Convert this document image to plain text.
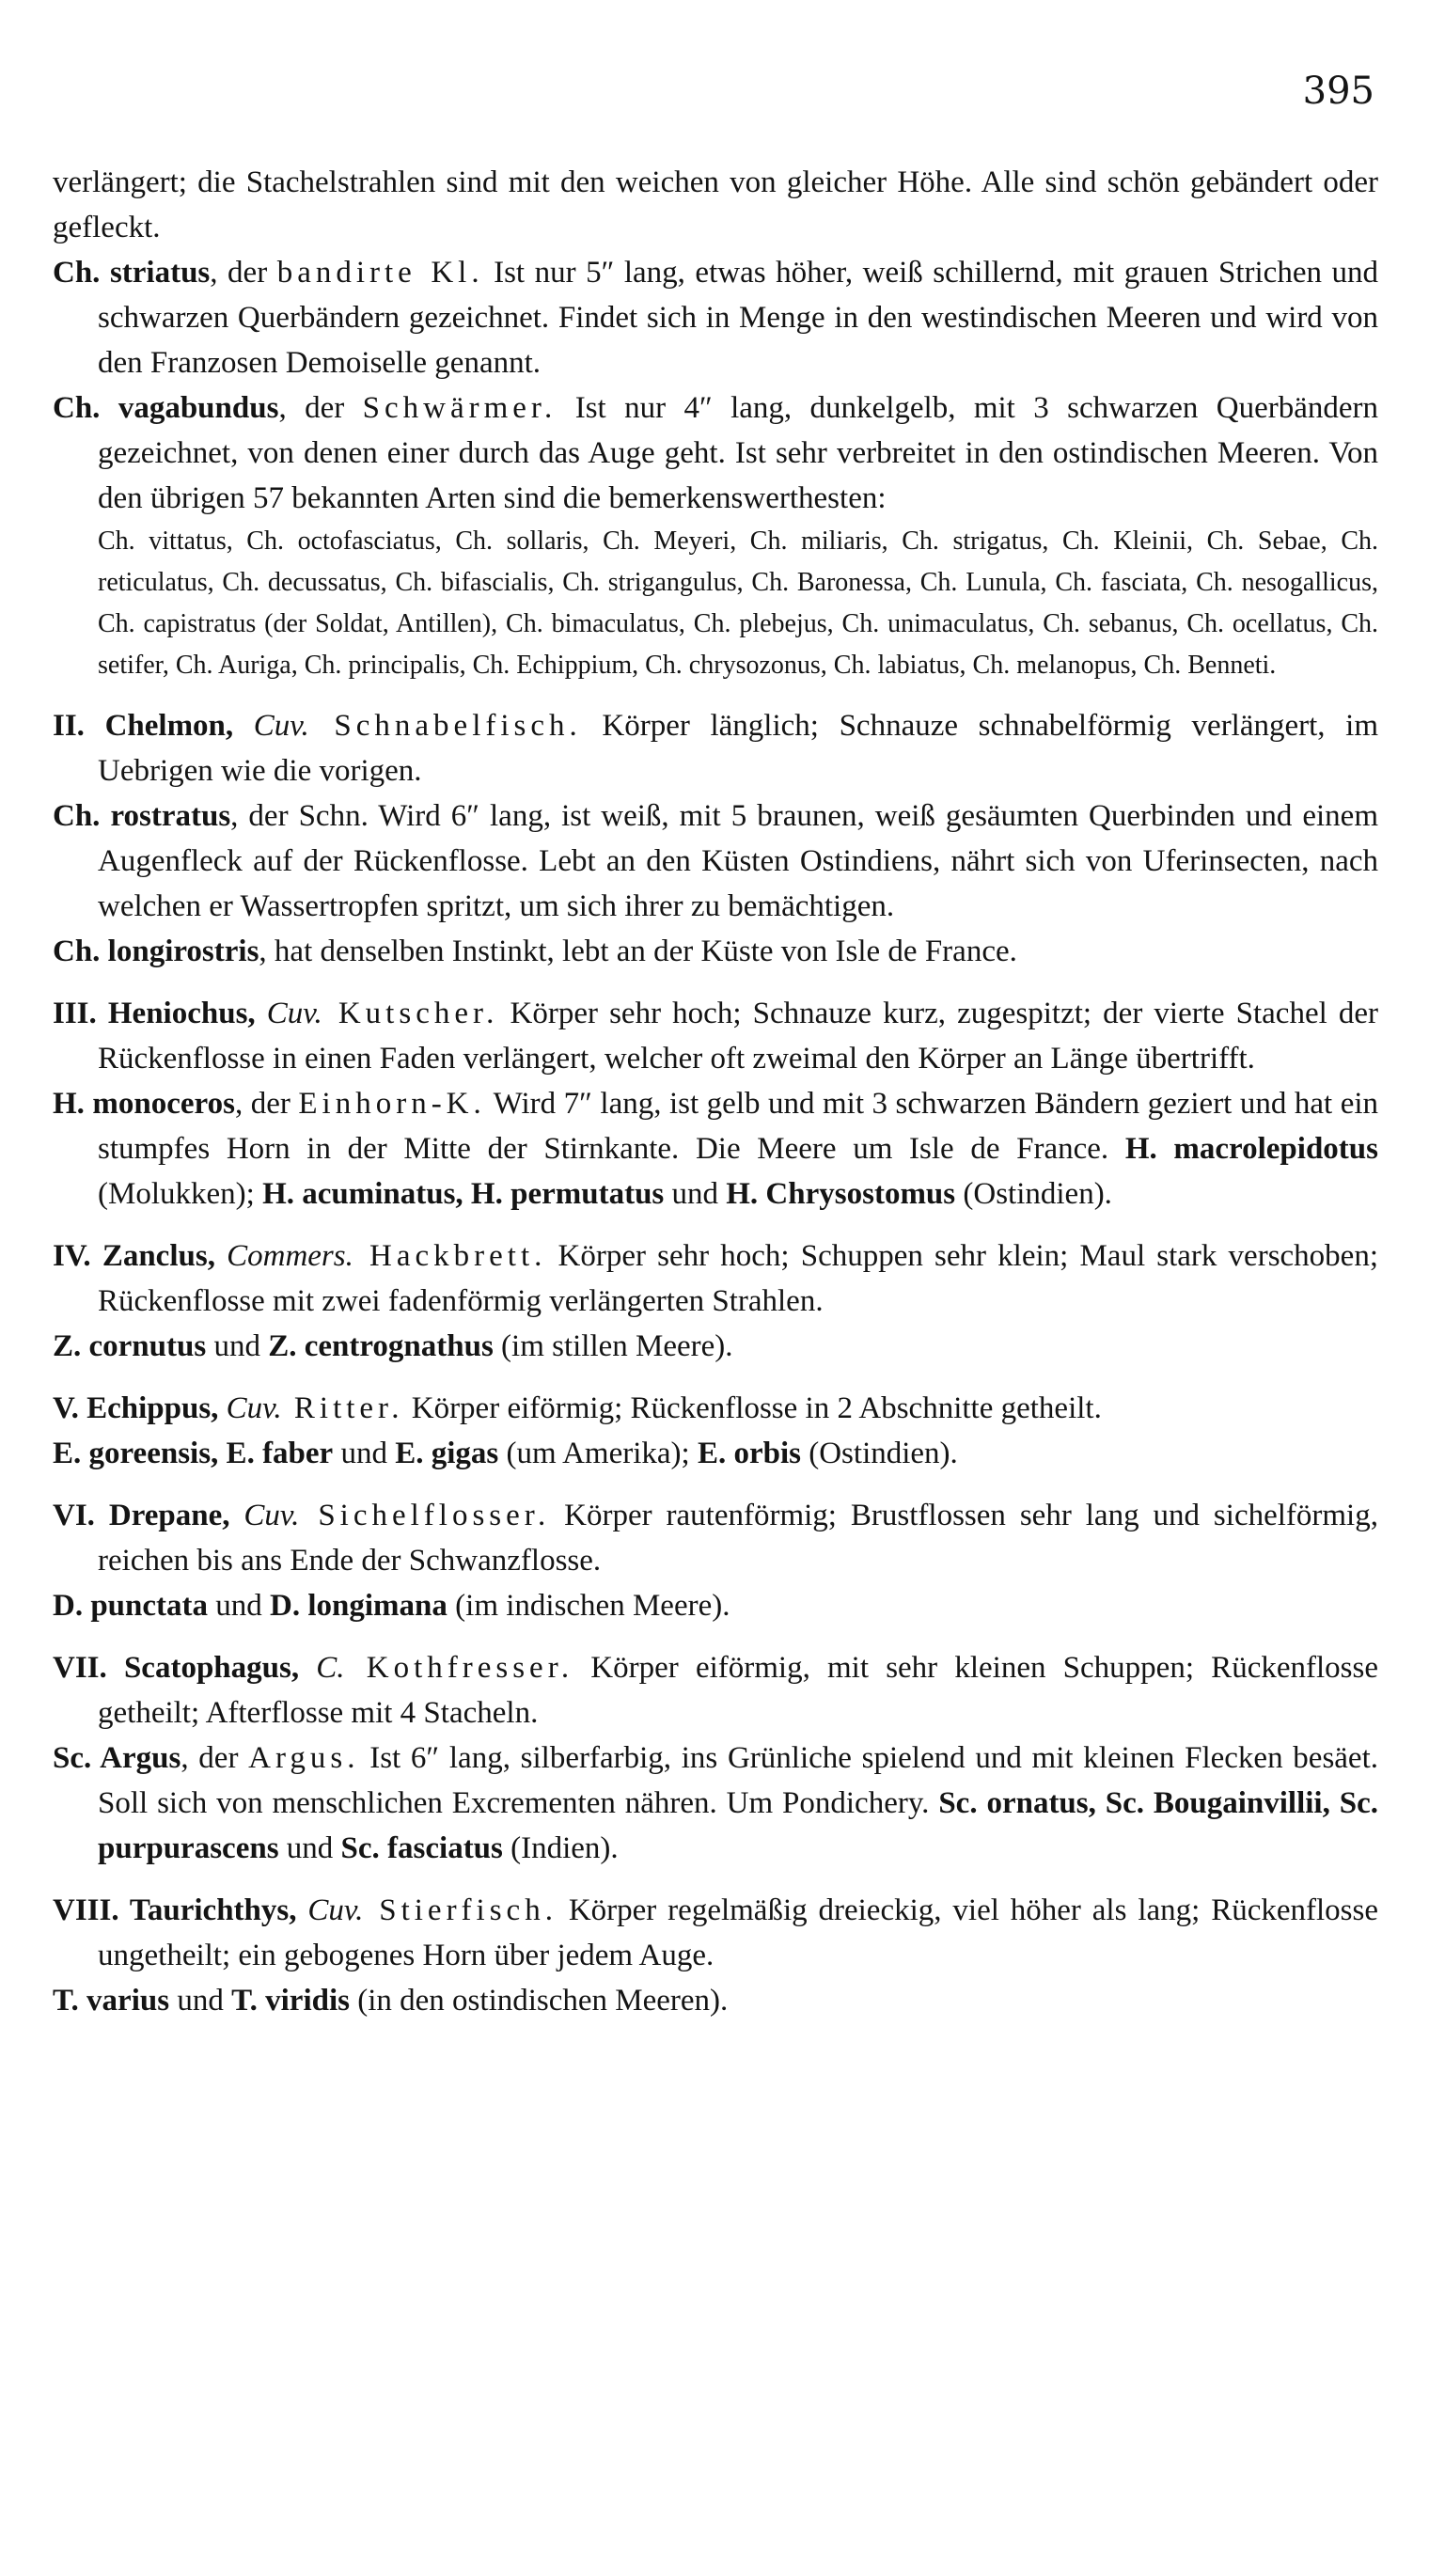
395

verlängert; die Stachelstrahlen sind mit den weichen von gleicher Höhe. Alle sind schön gebändert oder gefleckt.

Ch. striatus, der bandirte Kl. Ist nur 5″ lang, etwas höher, weiß schillernd, mit grauen Strichen und schwarzen Querbändern gezeichnet. Findet sich in Menge in den westindischen Meeren und wird von den Franzosen Demoiselle genannt.

Ch. vagabundus, der Schwärmer. Ist nur 4″ lang, dunkelgelb, mit 3 schwarzen Querbändern gezeichnet, von denen einer durch das Auge geht. Ist sehr verbreitet in den ostindischen Meeren. Von den übrigen 57 bekannten Arten sind die bemerkenswerthesten:

Ch. vittatus, Ch. octofasciatus, Ch. sollaris, Ch. Meyeri, Ch. miliaris, Ch. strigatus, Ch. Kleinii, Ch. Sebae, Ch. reticulatus, Ch. decussatus, Ch. bifascialis, Ch. strigangulus, Ch. Baronessa, Ch. Lunula, Ch. fasciata, Ch. nesogallicus, Ch. capistratus (der Soldat, Antillen), Ch. bimaculatus, Ch. plebejus, Ch. unimaculatus, Ch. sebanus, Ch. ocellatus, Ch. setifer, Ch. Auriga, Ch. principalis, Ch. Echippium, Ch. chrysozonus, Ch. labiatus, Ch. melanopus, Ch. Benneti.

II. Chelmon, Cuv. Schnabelfisch. Körper länglich; Schnauze schnabelförmig verlängert, im Uebrigen wie die vorigen.

Ch. rostratus, der Schn. Wird 6″ lang, ist weiß, mit 5 braunen, weiß gesäumten Querbinden und einem Augenfleck auf der Rückenflosse. Lebt an den Küsten Ostindiens, nährt sich von Uferinsecten, nach welchen er Wassertropfen spritzt, um sich ihrer zu bemächtigen.

Ch. longirostris, hat denselben Instinkt, lebt an der Küste von Isle de France.

III. Heniochus, Cuv. Kutscher. Körper sehr hoch; Schnauze kurz, zugespitzt; der vierte Stachel der Rückenflosse in einen Faden verlängert, welcher oft zweimal den Körper an Länge übertrifft.

H. monoceros, der Einhorn-K. Wird 7″ lang, ist gelb und mit 3 schwarzen Bändern geziert und hat ein stumpfes Horn in der Mitte der Stirnkante. Die Meere um Isle de France. H. macrolepidotus (Molukken); H. acuminatus, H. permutatus und H. Chrysostomus (Ostindien).

IV. Zanclus, Commers. Hackbrett. Körper sehr hoch; Schuppen sehr klein; Maul stark verschoben; Rückenflosse mit zwei fadenförmig verlängerten Strahlen.

Z. cornutus und Z. centrognathus (im stillen Meere).

V. Echippus, Cuv. Ritter. Körper eiförmig; Rückenflosse in 2 Abschnitte getheilt.

E. goreensis, E. faber und E. gigas (um Amerika); E. orbis (Ostindien).

VI. Drepane, Cuv. Sichelflosser. Körper rautenförmig; Brustflossen sehr lang und sichelförmig, reichen bis ans Ende der Schwanzflosse.

D. punctata und D. longimana (im indischen Meere).

VII. Scatophagus, C. Kothfresser. Körper eiförmig, mit sehr kleinen Schuppen; Rückenflosse getheilt; Afterflosse mit 4 Stacheln.

Sc. Argus, der Argus. Ist 6″ lang, silberfarbig, ins Grünliche spielend und mit kleinen Flecken besäet. Soll sich von menschlichen Excrementen nähren. Um Pondichery. Sc. ornatus, Sc. Bougainvillii, Sc. purpurascens und Sc. fasciatus (Indien).

VIII. Taurichthys, Cuv. Stierfisch. Körper regelmäßig dreieckig, viel höher als lang; Rückenflosse ungetheilt; ein gebogenes Horn über jedem Auge.

T. varius und T. viridis (in den ostindischen Meeren).
